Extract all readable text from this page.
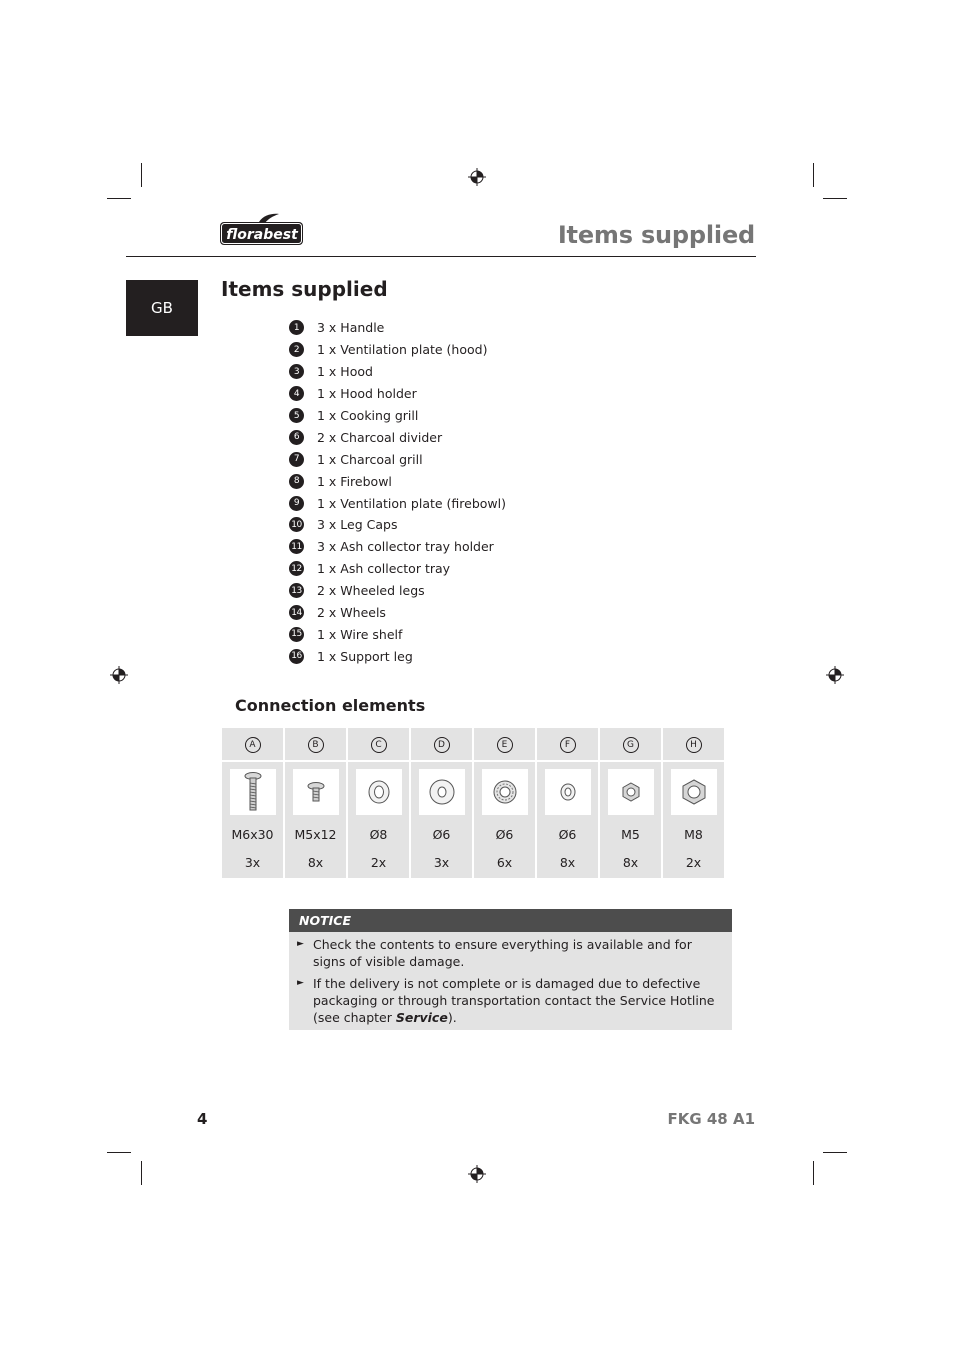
florabest	Items supplied
GB
Items supplied
1	3 x Handle
2	1 x Ventilation plate (hood)
3	1 x Hood
4	1 x Hood holder
5	1 x Cooking grill
6	2 x Charcoal divider
7	1 x Charcoal grill
8	1 x Firebowl
9	1 x Ventilation plate (firebowl)
10 3 x Leg Caps
11 3 x Ash collector tray holder
12 1 x Ash collector tray
13 2 x Wheeled legs
14 2 x Wheels
15 1 x Wire shelf
16 1 x Support leg
Connection elements
A	B	C	D	E	F	G	H

M6x30	M5x12	Ø8	Ø6	Ø6	Ø6	M5	M8
3x	8x	2x	3x	6x	8x	8x	2x
NOTICE
► Check the contents to ensure everything is available and for signs of visible damage.
► If the delivery is not complete or is damaged due to defective packaging or through transportation contact the Service Hotline (see chapter Service).
4	FKG 48 A1
